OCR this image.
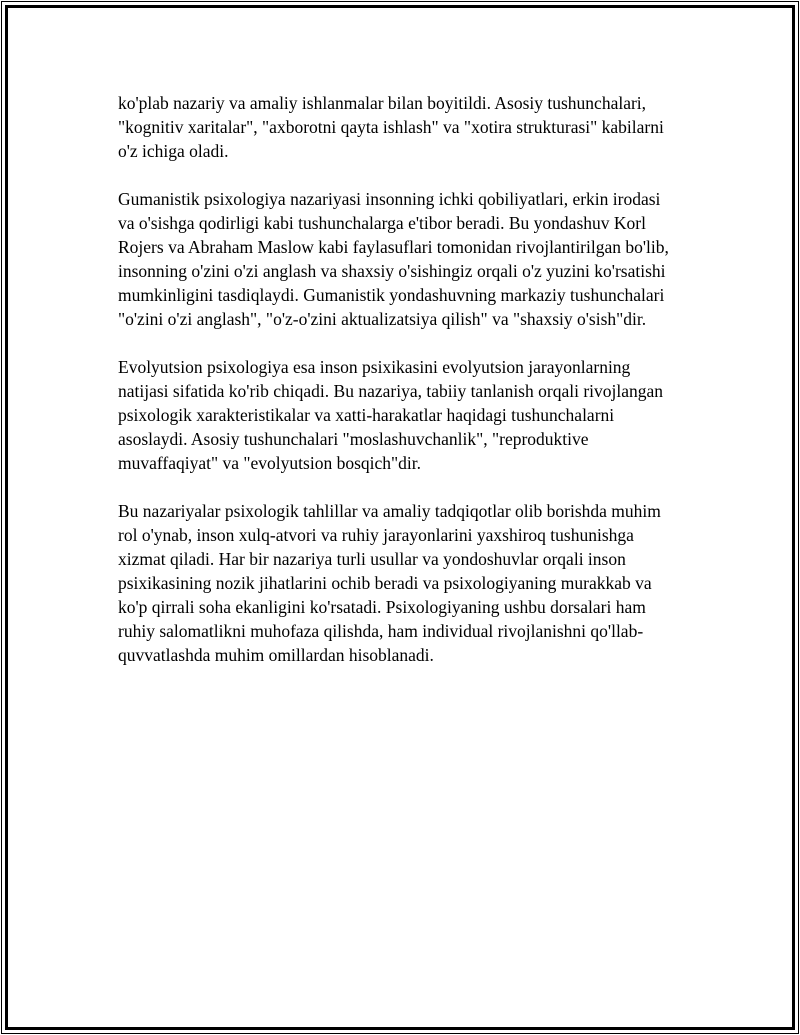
ko'plab nazariy va amaliy ishlanmalar bilan boyitildi. Asosiy tushunchalari, "kognitiv xaritalar", "axborotni qayta ishlash" va "xotira strukturasi" kabilarni o'z ichiga oladi.

Gumanistik psixologiya nazariyasi insonning ichki qobiliyatlari, erkin irodasi va o'sishga qodirligi kabi tushunchalarga e'tibor beradi. Bu yondashuv Korl Rojers va Abraham Maslow kabi faylasuflari tomonidan rivojlantirilgan bo'lib, insonning o'zini o'zi anglash va shaxsiy o'sishingiz orqali o'z yuzini ko'rsatishi mumkinligini tasdiqlaydi. Gumanistik yondashuvning markaziy tushunchalari "o'zini o'zi anglash", "o'z-o'zini aktualizatsiya qilish" va "shaxsiy o'sish"dir.

Evolyutsion psixologiya esa inson psixikasini evolyutsion jarayonlarning natijasi sifatida ko'rib chiqadi. Bu nazariya, tabiiy tanlanish orqali rivojlangan psixologik xarakteristikalar va xatti-harakatlar haqidagi tushunchalarni asoslaydi. Asosiy tushunchalari "moslashuvchanlik", "reproduktive muvaffaqiyat" va "evolyutsion bosqich"dir.

Bu nazariyalar psixologik tahlillar va amaliy tadqiqotlar olib borishda muhim rol o'ynab, inson xulq-atvori va ruhiy jarayonlarini yaxshiroq tushunishga xizmat qiladi. Har bir nazariya turli usullar va yondoshuvlar orqali inson psixikasining nozik jihatlarini ochib beradi va psixologiyaning murakkab va ko'p qirrali soha ekanligini ko'rsatadi. Psixologiyaning ushbu dorsalari ham ruhiy salomatlikni muhofaza qilishda, ham individual rivojlanishni qo'llab-quvvatlashda muhim omillardan hisoblanadi.
